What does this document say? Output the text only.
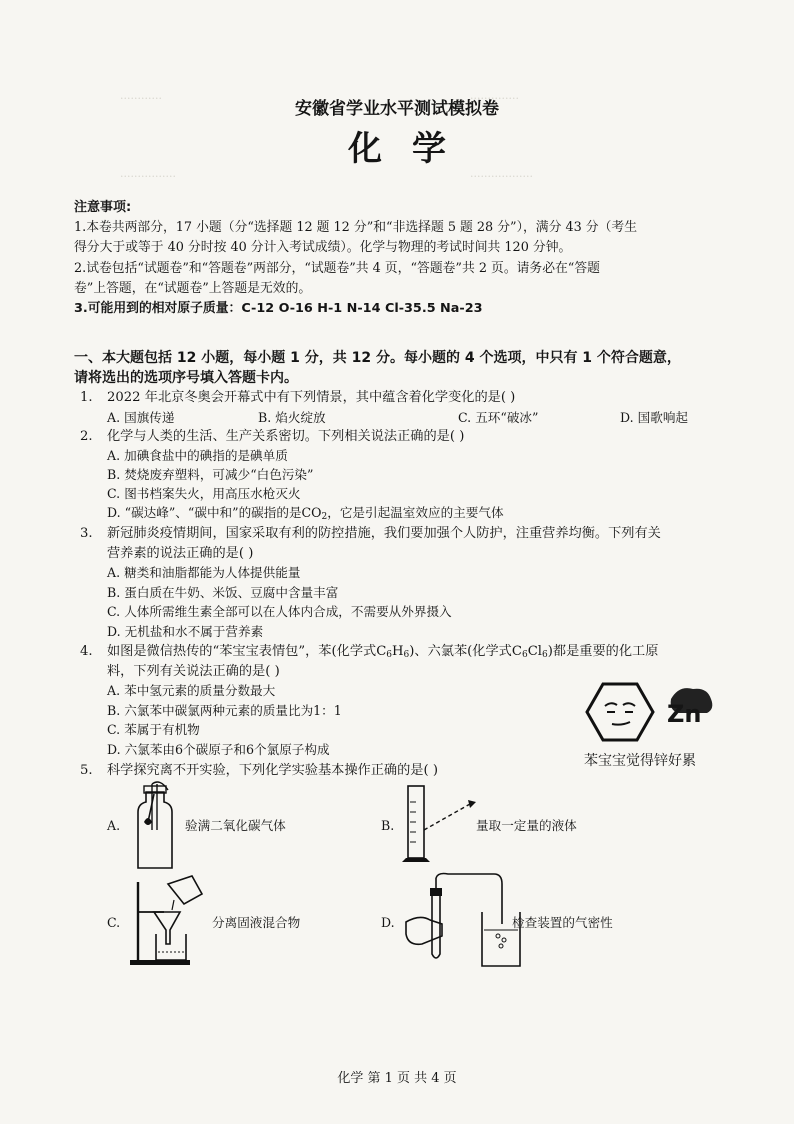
············	··············
················	··················
安徽省学业水平测试模拟卷
化学
注意事项:
1.本卷共两部分，17 小题（分“选择题 12 题 12 分”和“非选择题 5 题 28 分”），满分 43 分（考生
得分大于或等于 40 分时按 40 分计入考试成绩）。化学与物理的考试时间共 120 分钟。
2.试卷包括“试题卷”和“答题卷”两部分，“试题卷”共 4 页，“答题卷”共 2 页。请务必在“答题
卷”上答题，在“试题卷”上答题是无效的。
3.可能用到的相对原子质量：C-12 O-16 H-1 N-14 Cl-35.5 Na-23
一、本大题包括 12 小题，每小题 1 分，共 12 分。每小题的 4 个选项，中只有 1 个符合题意，
请将选出的选项序号填入答题卡内。
1. 2022 年北京冬奥会开幕式中有下列情景，其中蕴含着化学变化的是( )
A. 国旗传递	B. 焰火绽放	C. 五环“破冰”	D. 国歌响起
2. 化学与人类的生活、生产关系密切。下列相关说法正确的是( )
A. 加碘食盐中的碘指的是碘单质
B. 焚烧废弃塑料，可减少“白色污染”
C. 图书档案失火，用高压水枪灭火
D. “碳达峰”、“碳中和”的碳指的是$CO_2$，它是引起温室效应的主要气体
3. 新冠肺炎疫情期间，国家采取有利的防控措施，我们要加强个人防护，注重营养均衡。下列有关
营养素的说法正确的是( )
A. 糖类和油脂都能为人体提供能量
B. 蛋白质在牛奶、米饭、豆腐中含量丰富
C. 人体所需维生素全部可以在人体内合成，不需要从外界摄入
D. 无机盐和水不属于营养素
4. 如图是微信热传的“苯宝宝表情包”，苯(化学式$C_6H_6$)、六氯苯(化学式$C_6Cl_6$)都是重要的化工原
料，下列有关说法正确的是( )
A. 苯中氢元素的质量分数最大
B. 六氯苯中碳氯两种元素的质量比为1：1
C. 苯属于有机物
D. 六氯苯由6个碳原子和6个氯原子构成
Zn
苯宝宝觉得锌好累
5. 科学探究离不开实验，下列化学实验基本操作正确的是( )
A.	验满二氧化碳气体	B.	量取一定量的液体
C.	分离固液混合物	D.	检查装置的气密性
化学 第 1 页 共 4 页
